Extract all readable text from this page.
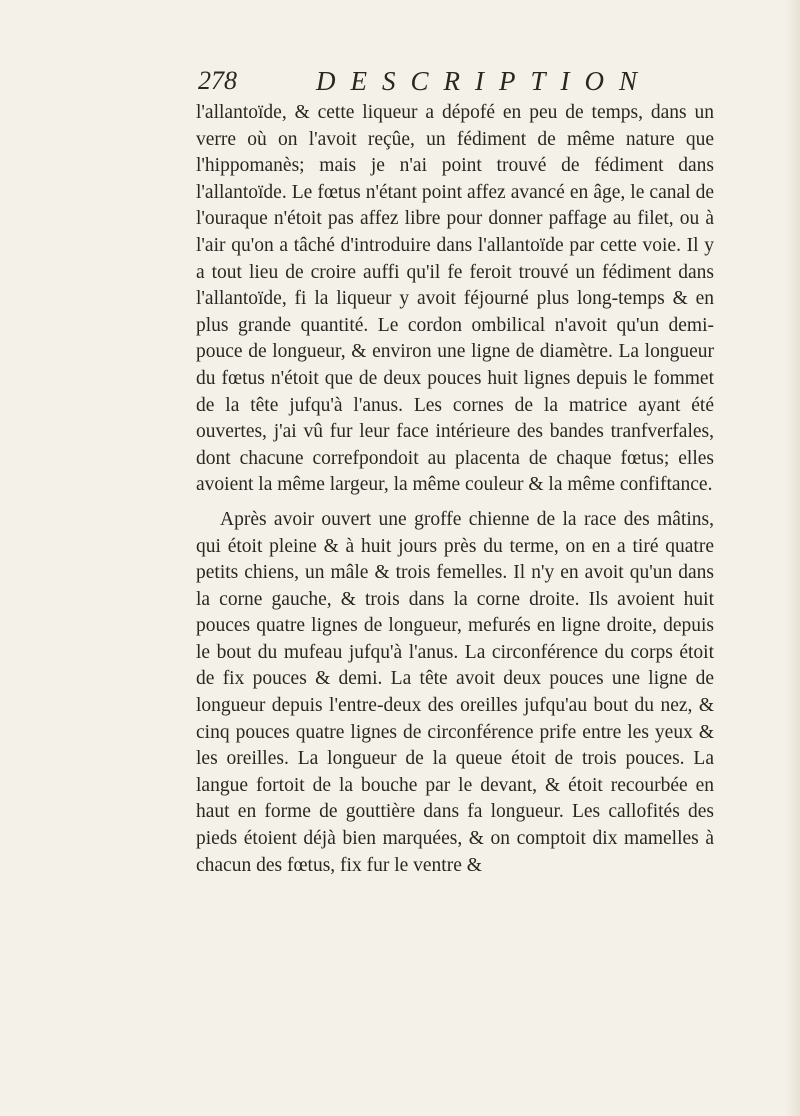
278	DESCRIPTION

l'allantoïde, & cette liqueur a dépofé en peu de temps, dans un verre où on l'avoit reçûe, un fédiment de même nature que l'hippomanès; mais je n'ai point trouvé de fédiment dans l'allantoïde. Le fœtus n'étant point affez avancé en âge, le canal de l'ouraque n'étoit pas affez libre pour donner paffage au filet, ou à l'air qu'on a tâché d'introduire dans l'allantoïde par cette voie. Il y a tout lieu de croire auffi qu'il fe feroit trouvé un fédiment dans l'allantoïde, fi la liqueur y avoit féjourné plus long-temps & en plus grande quantité. Le cordon ombilical n'avoit qu'un demi-pouce de longueur, & environ une ligne de diamètre. La longueur du fœtus n'étoit que de deux pouces huit lignes depuis le fommet de la tête jufqu'à l'anus. Les cornes de la matrice ayant été ouvertes, j'ai vû fur leur face intérieure des bandes tranfverfales, dont chacune correfpondoit au placenta de chaque fœtus; elles avoient la même largeur, la même couleur & la même confiftance.

Après avoir ouvert une groffe chienne de la race des mâtins, qui étoit pleine & à huit jours près du terme, on en a tiré quatre petits chiens, un mâle & trois femelles. Il n'y en avoit qu'un dans la corne gauche, & trois dans la corne droite. Ils avoient huit pouces quatre lignes de longueur, mefurés en ligne droite, depuis le bout du mufeau jufqu'à l'anus. La circonférence du corps étoit de fix pouces & demi. La tête avoit deux pouces une ligne de longueur depuis l'entre-deux des oreilles jufqu'au bout du nez, & cinq pouces quatre lignes de circonférence prife entre les yeux & les oreilles. La longueur de la queue étoit de trois pouces. La langue fortoit de la bouche par le devant, & étoit recourbée en haut en forme de gouttière dans fa longueur. Les callofités des pieds étoient déjà bien marquées, & on comptoit dix mamelles à chacun des fœtus, fix fur le ventre &
